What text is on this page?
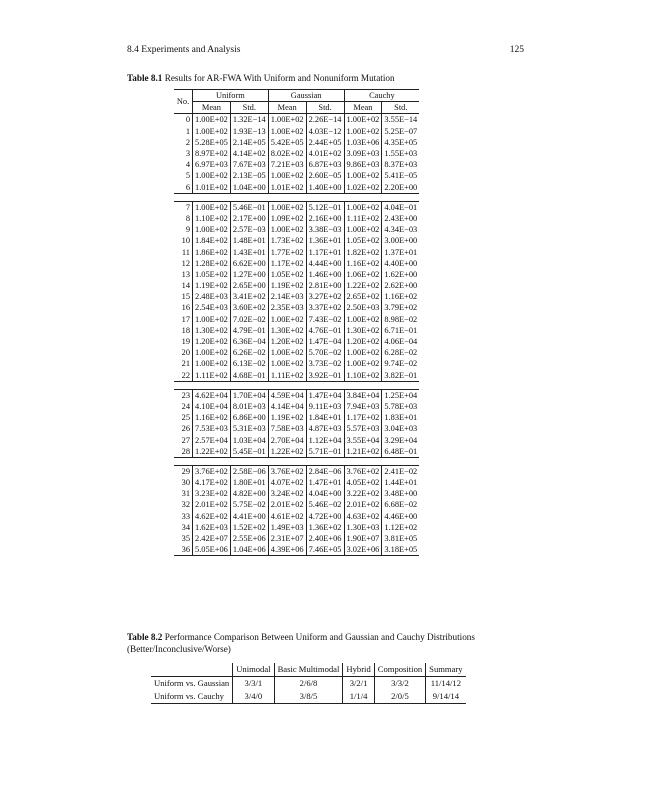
8.4 Experiments and Analysis	125
Table 8.1 Results for AR-FWA With Uniform and Nonuniform Mutation
No.	Uniform		Gaussian		Cauchy	
	Mean	Std.	Mean	Std.	Mean	Std.
0	1.00E+02	1.32E−14	1.00E+02	2.26E−14	1.00E+02	3.55E−14
1	1.00E+02	1.93E−13	1.00E+02	4.03E−12	1.00E+02	5.25E−07
2	5.28E+05	2.14E+05	5.42E+05	2.44E+05	1.03E+06	4.35E+05
3	8.97E+02	4.14E+02	8.02E+02	4.01E+02	3.09E+03	1.55E+03
4	6.97E+03	7.67E+03	7.21E+03	6.87E+03	9.86E+03	8.37E+03
5	1.00E+02	2.13E−05	1.00E+02	2.60E−05	1.00E+02	5.41E−05
6	1.01E+02	1.04E+00	1.01E+02	1.40E+00	1.02E+02	2.20E+00

7	1.00E+02	5.46E−01	1.00E+02	5.12E−01	1.00E+02	4.04E−01
8	1.10E+02	2.17E+00	1.09E+02	2.16E+00	1.11E+02	2.43E+00
9	1.00E+02	2.57E−03	1.00E+02	3.38E−03	1.00E+02	4.34E−03
10	1.84E+02	1.48E+01	1.73E+02	1.36E+01	1.05E+02	3.00E+00
11	1.86E+02	1.43E+01	1.77E+02	1.17E+01	1.82E+02	1.37E+01
12	1.28E+02	6.62E+00	1.17E+02	4.44E+00	1.16E+02	4.40E+00
13	1.05E+02	1.27E+00	1.05E+02	1.46E+00	1.06E+02	1.62E+00
14	1.19E+02	2.65E+00	1.19E+02	2.81E+00	1.22E+02	2.62E+00
15	2.48E+03	3.41E+02	2.14E+03	3.27E+02	2.65E+02	1.16E+02
16	2.54E+03	3.60E+02	2.35E+03	3.37E+02	2.50E+03	3.79E+02
17	1.00E+02	7.02E−02	1.00E+02	7.43E−02	1.00E+02	8.98E−02
18	1.30E+02	4.79E−01	1.30E+02	4.76E−01	1.30E+02	6.71E−01
19	1.20E+02	6.36E−04	1.20E+02	1.47E−04	1.20E+02	4.06E−04
20	1.00E+02	6.26E−02	1.00E+02	5.70E−02	1.00E+02	6.28E−02
21	1.00E+02	6.13E−02	1.00E+02	3.73E−02	1.00E+02	9.74E−02
22	1.11E+02	4.68E−01	1.11E+02	3.92E−01	1.10E+02	3.82E−01

23	4.62E+04	1.70E+04	4.59E+04	1.47E+04	3.84E+04	1.25E+04
24	4.10E+04	8.01E+03	4.14E+04	9.11E+03	7.94E+03	5.78E+03
25	1.16E+02	6.86E+00	1.19E+02	1.84E+01	1.17E+02	1.83E+01
26	7.53E+03	5.31E+03	7.58E+03	4.87E+03	5.57E+03	3.04E+03
27	2.57E+04	1.03E+04	2.70E+04	1.12E+04	3.55E+04	3.29E+04
28	1.22E+02	5.45E−01	1.22E+02	5.71E−01	1.21E+02	6.48E−01

29	3.76E+02	2.58E−06	3.76E+02	2.84E−06	3.76E+02	2.41E−02
30	4.17E+02	1.80E+01	4.07E+02	1.47E+01	4.05E+02	1.44E+01
31	3.23E+02	4.82E+00	3.24E+02	4.04E+00	3.22E+02	3.48E+00
32	2.01E+02	5.75E−02	2.01E+02	5.46E−02	2.01E+02	6.68E−02
33	4.62E+02	4.41E+00	4.61E+02	4.72E+00	4.63E+02	4.46E+00
34	1.62E+03	1.52E+02	1.49E+03	1.36E+02	1.30E+03	1.12E+02
35	2.42E+07	2.55E+06	2.31E+07	2.40E+06	1.90E+07	3.81E+05
36	5.05E+06	1.04E+06	4.39E+06	7.46E+05	3.02E+06	3.18E+05
Table 8.2 Performance Comparison Between Uniform and Gaussian and Cauchy Distributions (Better/Inconclusive/Worse)
	Unimodal	Basic Multimodal	Hybrid	Composition	Summary
Uniform vs. Gaussian	3/3/1	2/6/8	3/2/1	3/3/2	11/14/12
Uniform vs. Cauchy	3/4/0	3/8/5	1/1/4	2/0/5	9/14/14
